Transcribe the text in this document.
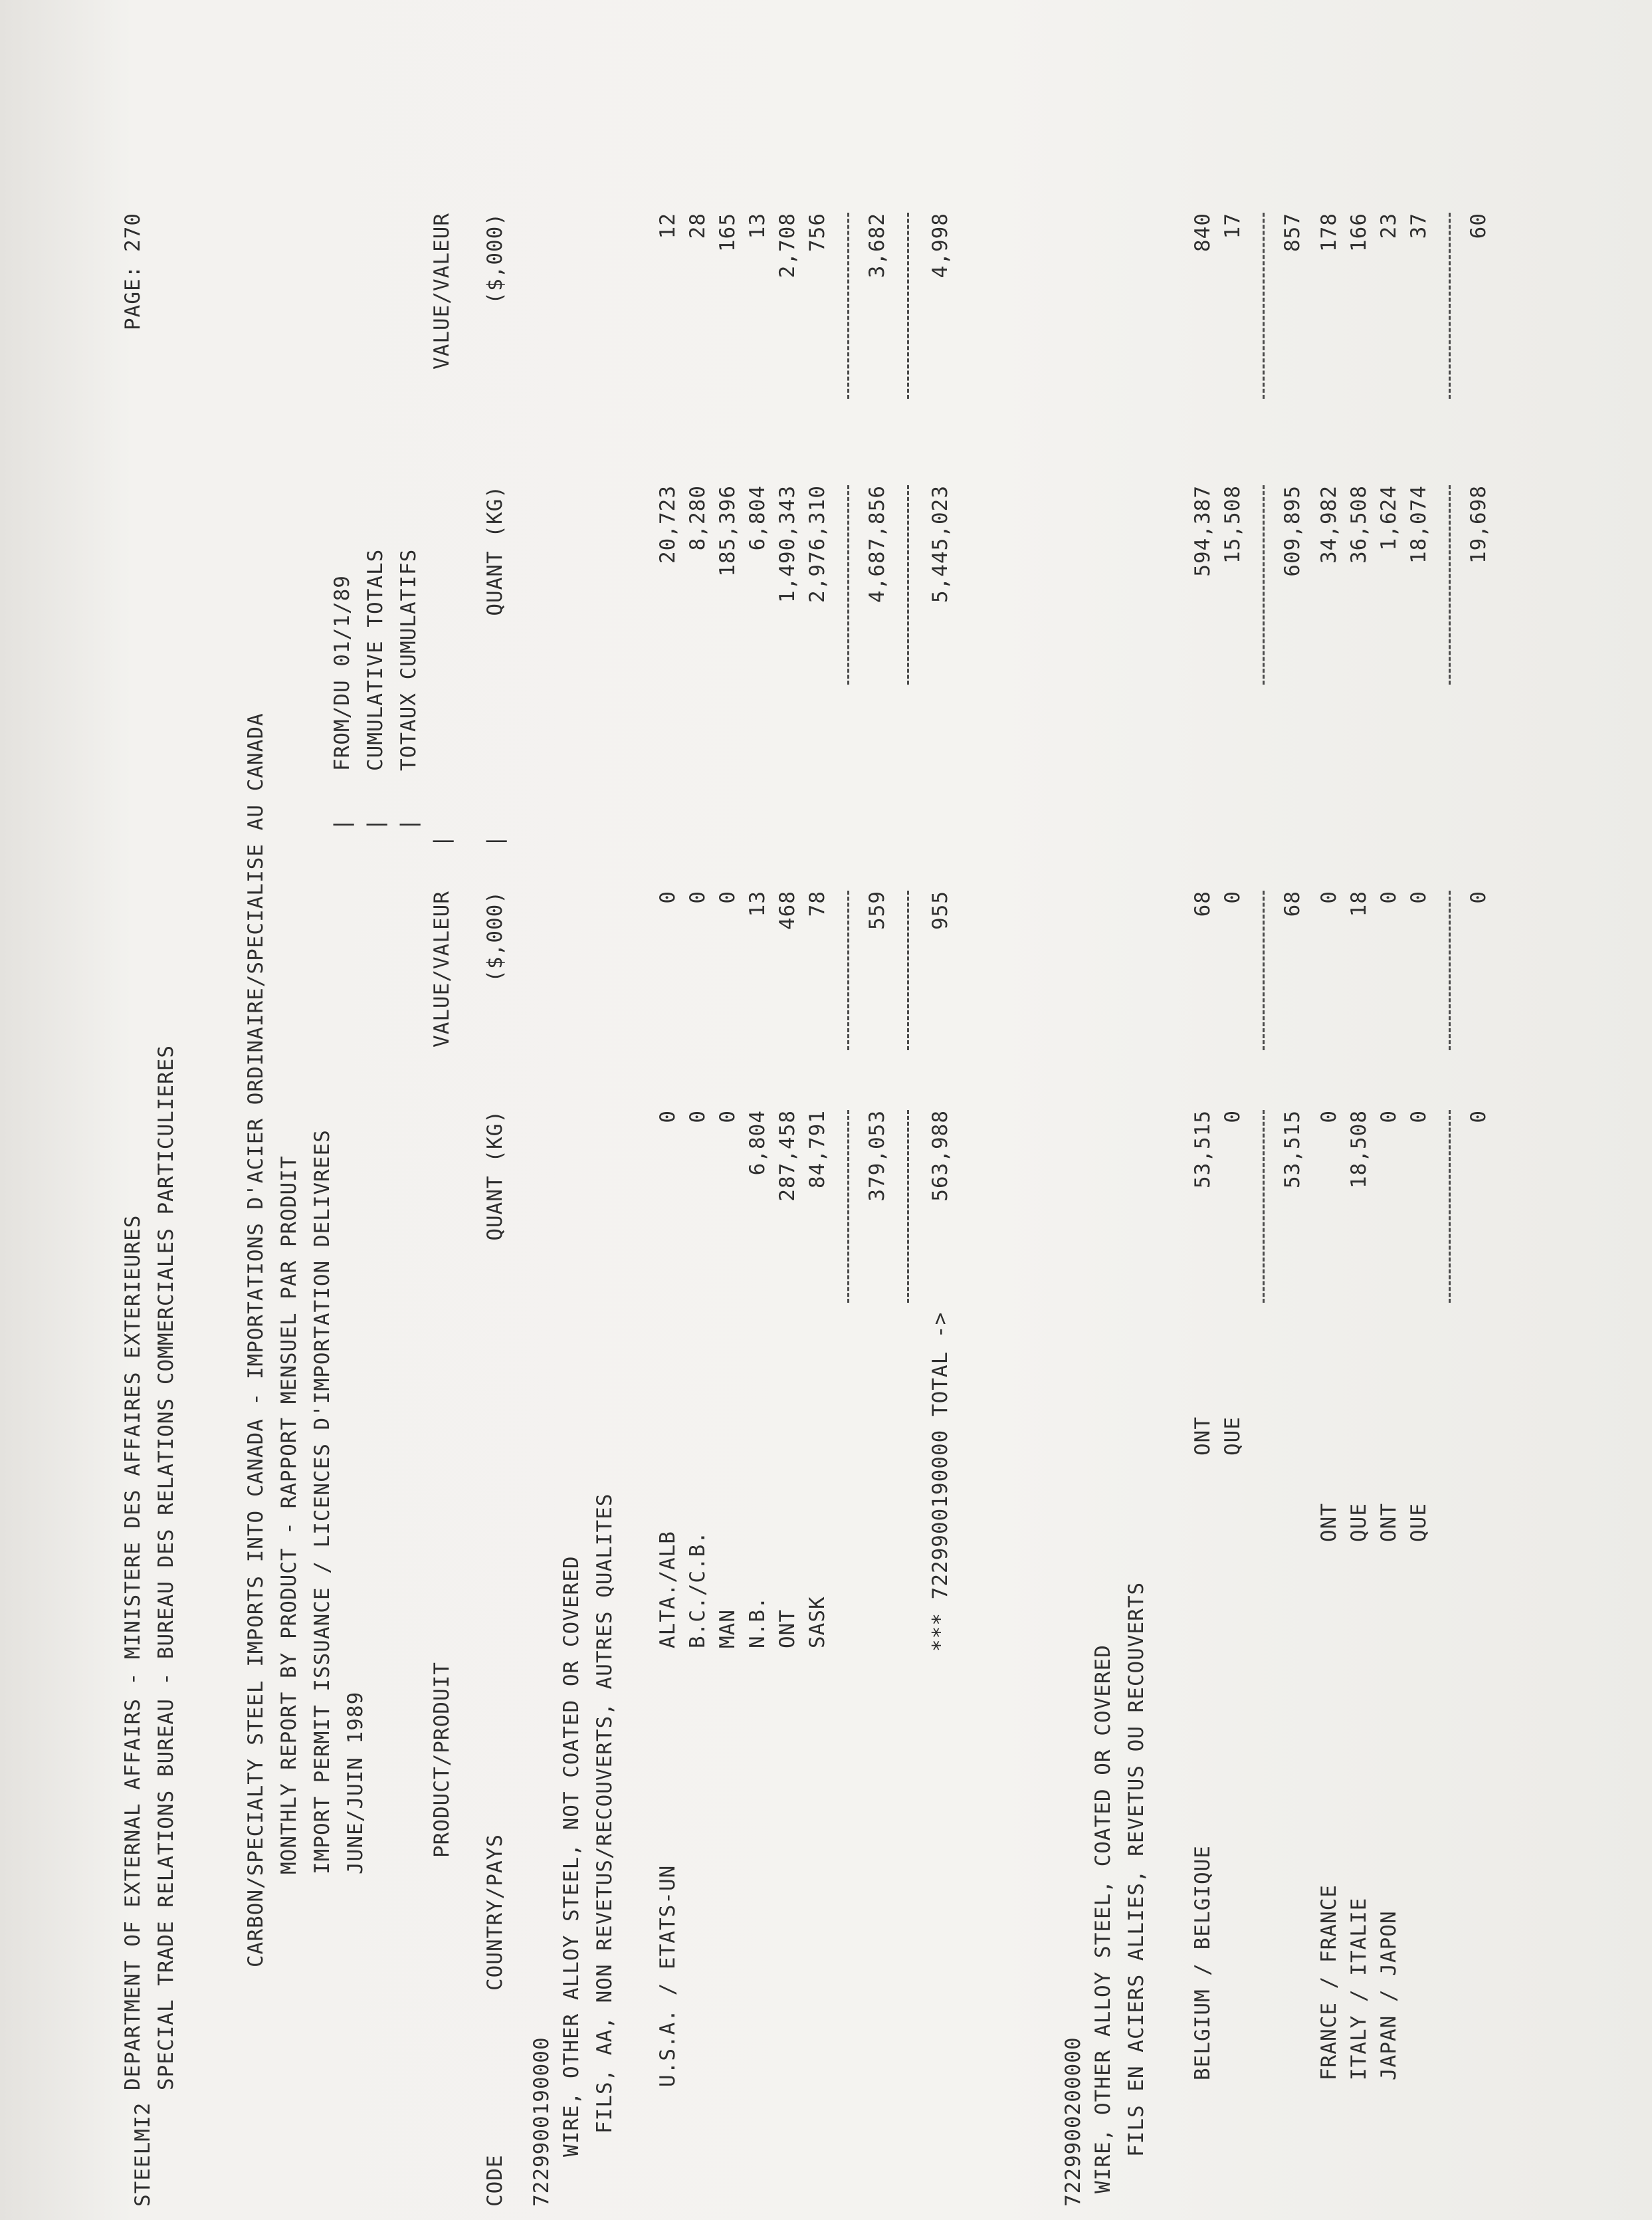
STEELMI2
DEPARTMENT OF EXTERNAL AFFAIRS - MINISTERE DES AFFAIRES EXTERIEURES SPECIAL TRADE RELATIONS BUREAU - BUREAU DES RELATIONS COMMERCIALES PARTICULIERES
PAGE: 270
CARBON/SPECIALTY STEEL IMPORTS INTO CANADA - IMPORTATIONS D'ACIER ORDINAIRE/SPECIALISE AU CANADA MONTHLY REPORT BY PRODUCT - RAPPORT MENSUEL PAR PRODUIT IMPORT PERMIT ISSUANCE / LICENCES D'IMPORTATION DELIVREES JUNE/JUIN 1989
| | |
FROM/DU 01/1/89 CUMULATIVE TOTALS TOTAUX CUMULATIFS
PRODUCT/PRODUIT
VALUE/VALEUR
|
VALUE/VALEUR
CODE
COUNTRY/PAYS
QUANT (KG)
($,000)
|
QUANT (KG)
($,000)
7229900190000 WIRE, OTHER ALLOY STEEL, NOT COATED OR COVERED FILS, AA, NON REVETUS/RECOUVERTS, AUTRES QUALITES U.S.A. / ETATS-UN
ALTA./ALB
0
0
20,723
12
B.C./C.B.
0
0
8,280
28
MAN
0
0
185,396
165
N.B.
6,804
13
6,804
13
ONT
287,458
468
1,490,343
2,708
SASK
84,791
78
2,976,310
756
379,053
559
4,687,856
3,682
*** 7229900190000 TOTAL ->
563,988
955
5,445,023
4,998
7229900200000 WIRE, OTHER ALLOY STEEL, COATED OR COVERED FILS EN ACIERS ALLIES, REVETUS OU RECOUVERTS BELGIUM / BELGIQUE
ONT
53,515
68
594,387
840
QUE
0
0
15,508
17
53,515
68
609,895
857
FRANCE / FRANCE ITALY / ITALIE JAPAN / JAPON
ONT
0
0
34,982
178
QUE
18,508
18
36,508
166
ONT
0
0
1,624
23
QUE
0
0
18,074
37
0
0
19,698
60
